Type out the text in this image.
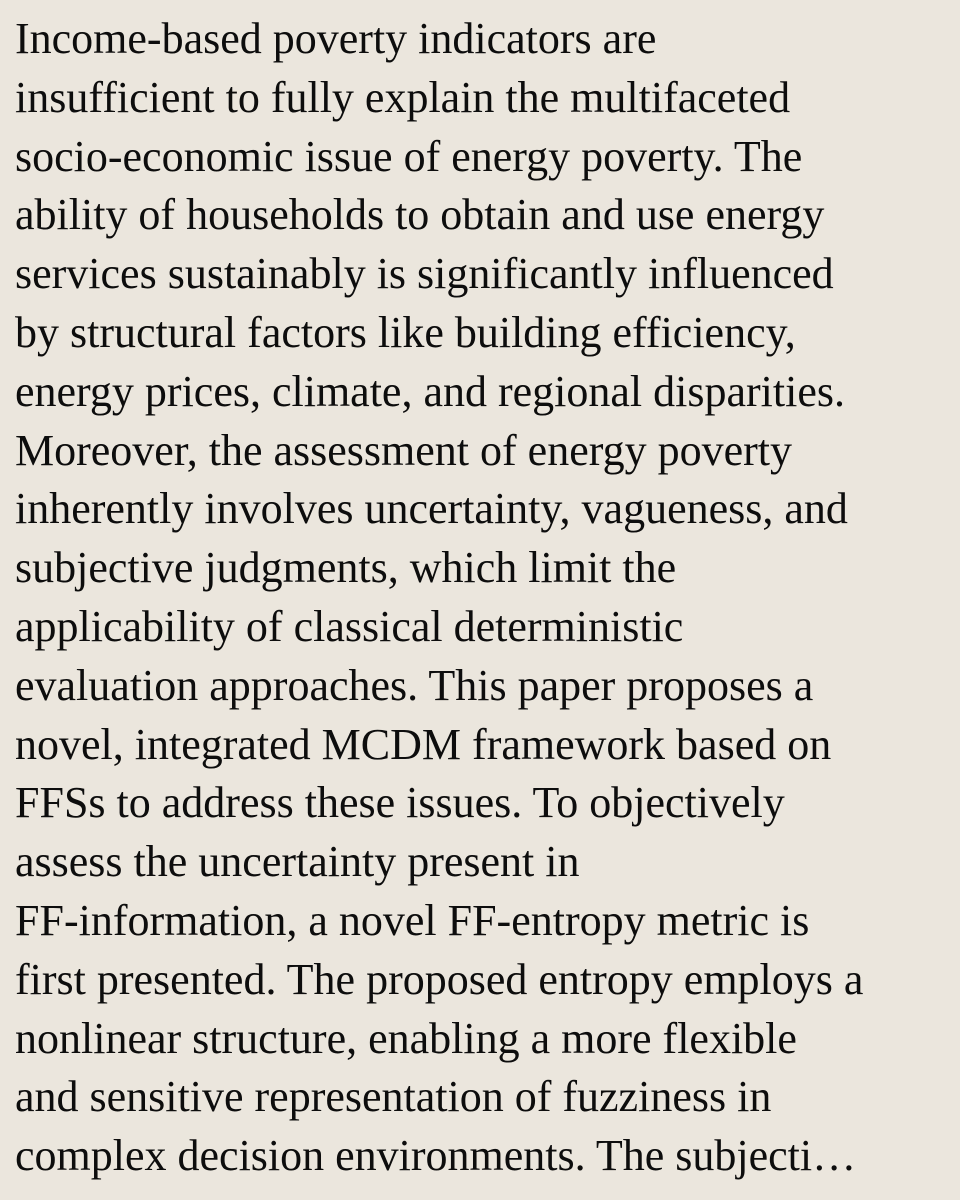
Income-based poverty indicators are
insufficient to fully explain the multifaceted
socio-economic issue of energy poverty. The
ability of households to obtain and use energy
services sustainably is significantly influenced
by structural factors like building efficiency,
energy prices, climate, and regional disparities.
Moreover, the assessment of energy poverty
inherently involves uncertainty, vagueness, and
subjective judgments, which limit the
applicability of classical deterministic
evaluation approaches. This paper proposes a
novel, integrated MCDM framework based on
FFSs to address these issues. To objectively
assess the uncertainty present in
FF-information, a novel FF-entropy metric is
first presented. The proposed entropy employs a
nonlinear structure, enabling a more flexible
and sensitive representation of fuzziness in
complex decision environments. The subjecti…
